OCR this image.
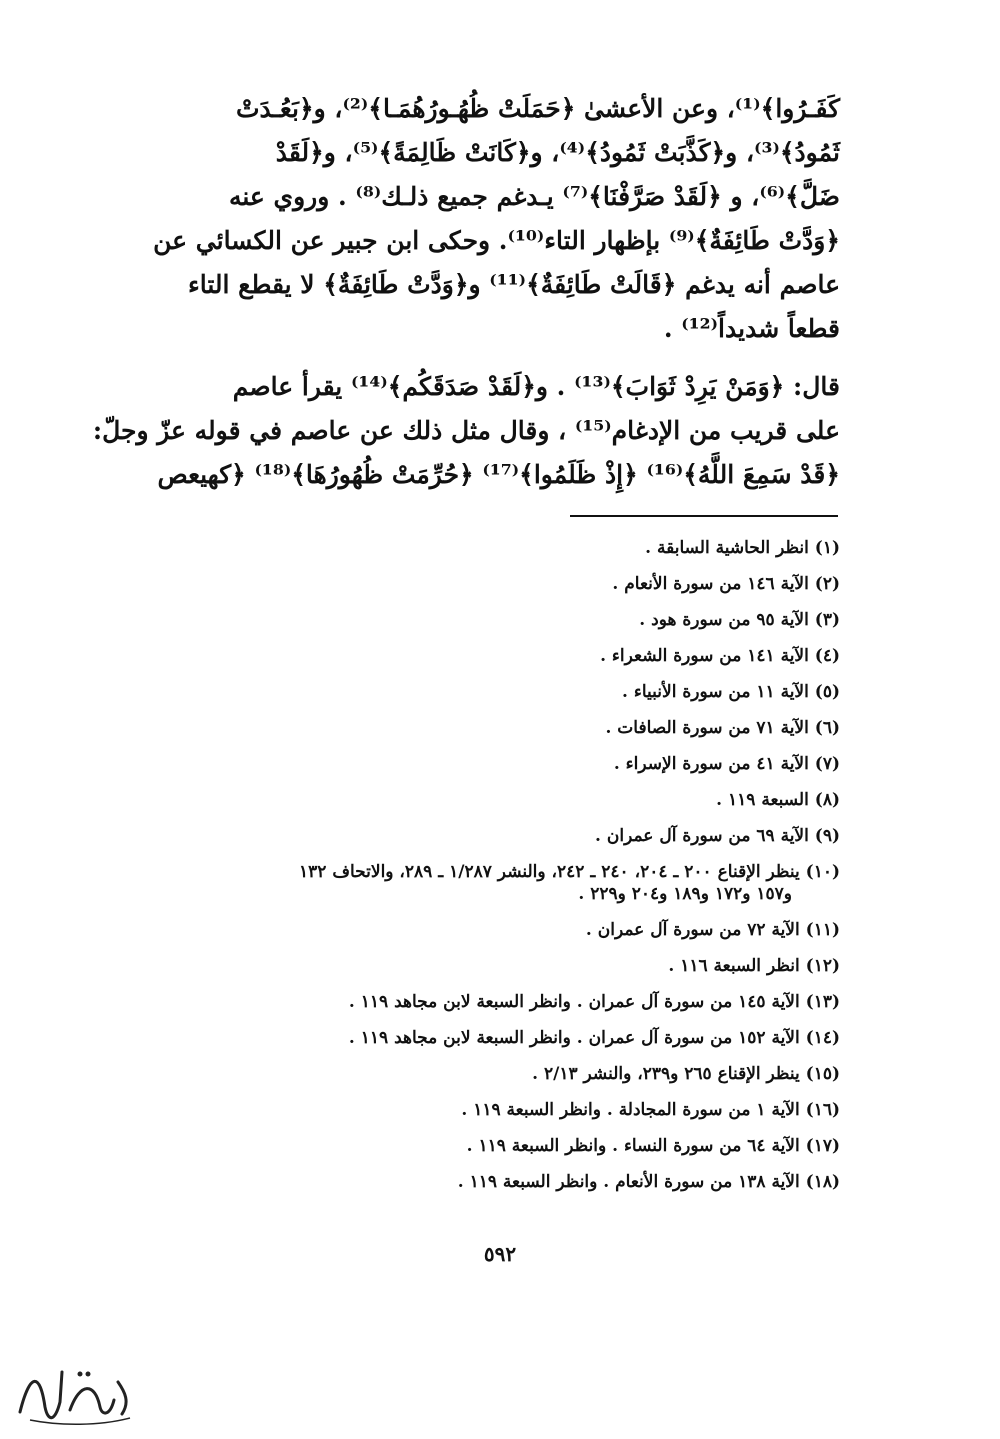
كَفَـرُوا﴾⁽¹⁾، وعن الأعشىٰ ﴿حَمَلَتْ ظُهُـورُهُمَـا﴾⁽²⁾، و﴿بَعُـدَتْ
ثَمُودُ﴾⁽³⁾، و﴿كَذَّبَتْ ثَمُودُ﴾⁽⁴⁾، و﴿كَانَتْ ظَالِمَةً﴾⁽⁵⁾، و﴿لَقَدْ
ضَلَّ﴾⁽⁶⁾، و ﴿لَقَدْ صَرَّفْنَا﴾⁽⁷⁾ يـدغم جميع ذلـك⁽⁸⁾ . وروي عنه
﴿وَدَّتْ طَائِفَةٌ﴾⁽⁹⁾ بإظهار التاء⁽¹⁰⁾. وحكى ابن جبير عن الكسائي عن
عاصم أنه يدغم ﴿قَالَتْ طَائِفَةٌ﴾⁽¹¹⁾ و﴿وَدَّتْ طَائِفَةٌ﴾ لا يقطع التاء
قطعاً شديداً⁽¹²⁾ .
قال: ﴿وَمَنْ يَرِدْ ثَوَابَ﴾⁽¹³⁾ . و﴿لَقَدْ صَدَقَكُم﴾⁽¹⁴⁾ يقرأ عاصم
على قريب من الإدغام⁽¹⁵⁾ ، وقال مثل ذلك عن عاصم في قوله عزّ وجلّ:
﴿قَدْ سَمِعَ اللَّهُ﴾⁽¹⁶⁾ ﴿إِذْ ظَلَمُوا﴾⁽¹⁷⁾ ﴿حُرِّمَتْ ظُهُورُهَا﴾⁽¹⁸⁾ ﴿كهيعص
(١) انظر الحاشية السابقة .
(٢) الآية ١٤٦ من سورة الأنعام .
(٣) الآية ٩٥ من سورة هود .
(٤) الآية ١٤١ من سورة الشعراء .
(٥) الآية ١١ من سورة الأنبياء .
(٦) الآية ٧١ من سورة الصافات .
(٧) الآية ٤١ من سورة الإسراء .
(٨) السبعة ١١٩ .
(٩) الآية ٦٩ من سورة آل عمران .
(١٠) ينظر الإقناع ٢٠٠ ـ ٢٠٤، ٢٤٠ ـ ٢٤٢، والنشر ١/٢٨٧ ـ ٢٨٩، والاتحاف ١٣٢
و١٥٧ و١٧٢ و١٨٩ و٢٠٤ و٢٢٩ .
(١١) الآية ٧٢ من سورة آل عمران .
(١٢) انظر السبعة ١١٦ .
(١٣) الآية ١٤٥ من سورة آل عمران . وانظر السبعة لابن مجاهد ١١٩ .
(١٤) الآية ١٥٢ من سورة آل عمران . وانظر السبعة لابن مجاهد ١١٩ .
(١٥) ينظر الإقناع ٢٦٥ و٢٣٩، والنشر ٢/١٣ .
(١٦) الآية ١ من سورة المجادلة . وانظر السبعة ١١٩ .
(١٧) الآية ٦٤ من سورة النساء . وانظر السبعة ١١٩ .
(١٨) الآية ١٣٨ من سورة الأنعام . وانظر السبعة ١١٩ .
٥٩٢
